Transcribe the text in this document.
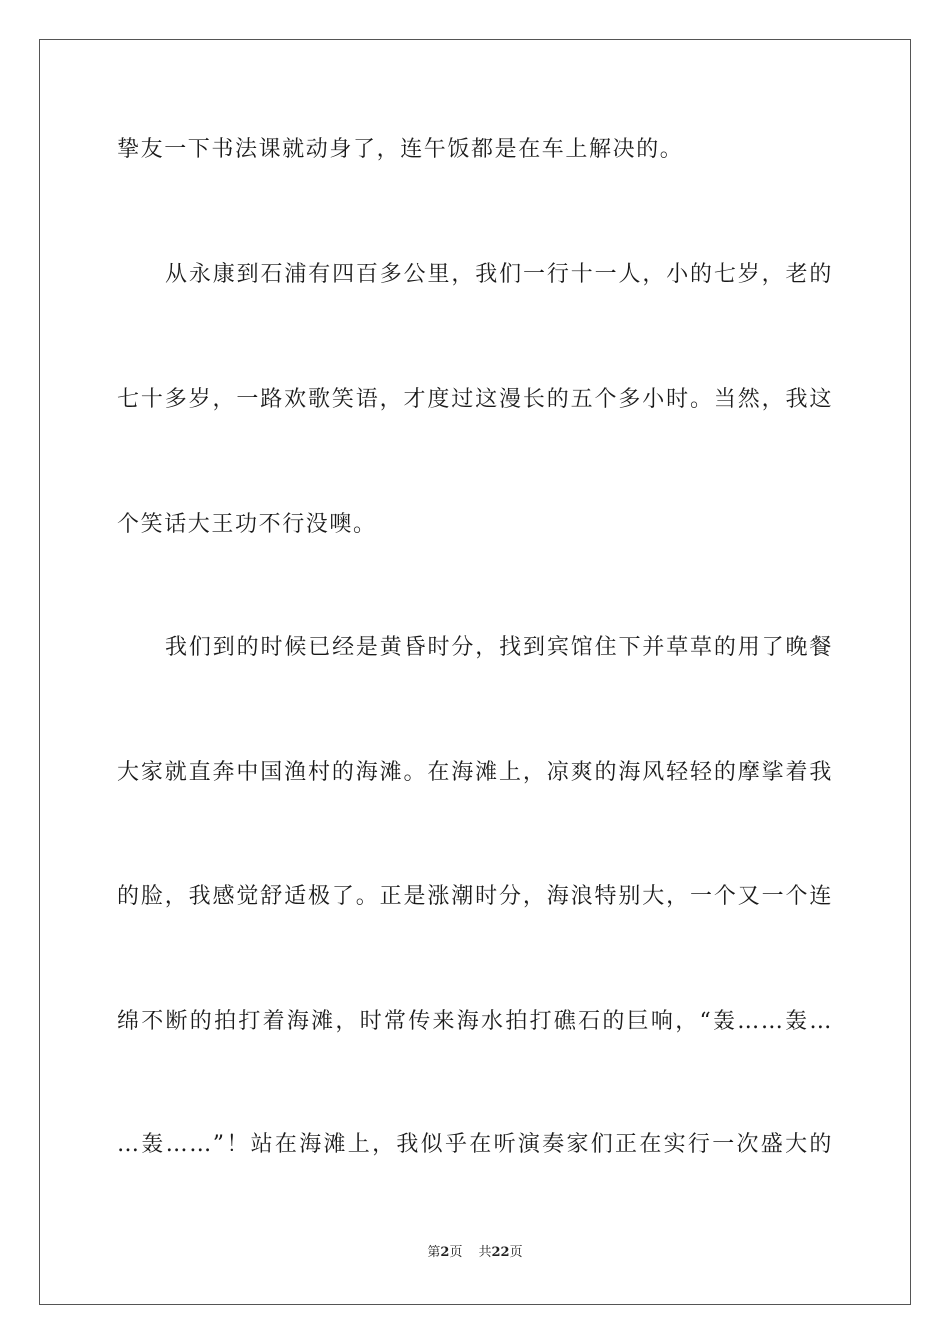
挚友一下书法课就动身了，连午饭都是在车上解决的。
从永康到石浦有四百多公里，我们一行十一人，小的七岁，老的
七十多岁，一路欢歌笑语，才度过这漫长的五个多小时。当然，我这
个笑话大王功不行没噢。
我们到的时候已经是黄昏时分，找到宾馆住下并草草的用了晚餐
大家就直奔中国渔村的海滩。在海滩上，凉爽的海风轻轻的摩挲着我
的脸，我感觉舒适极了。正是涨潮时分，海浪特别大，一个又一个连
绵不断的拍打着海滩，时常传来海水拍打礁石的巨响，“轰……轰…
…轰……”！站在海滩上，我似乎在听演奏家们正在实行一次盛大的
第2页 共22页
